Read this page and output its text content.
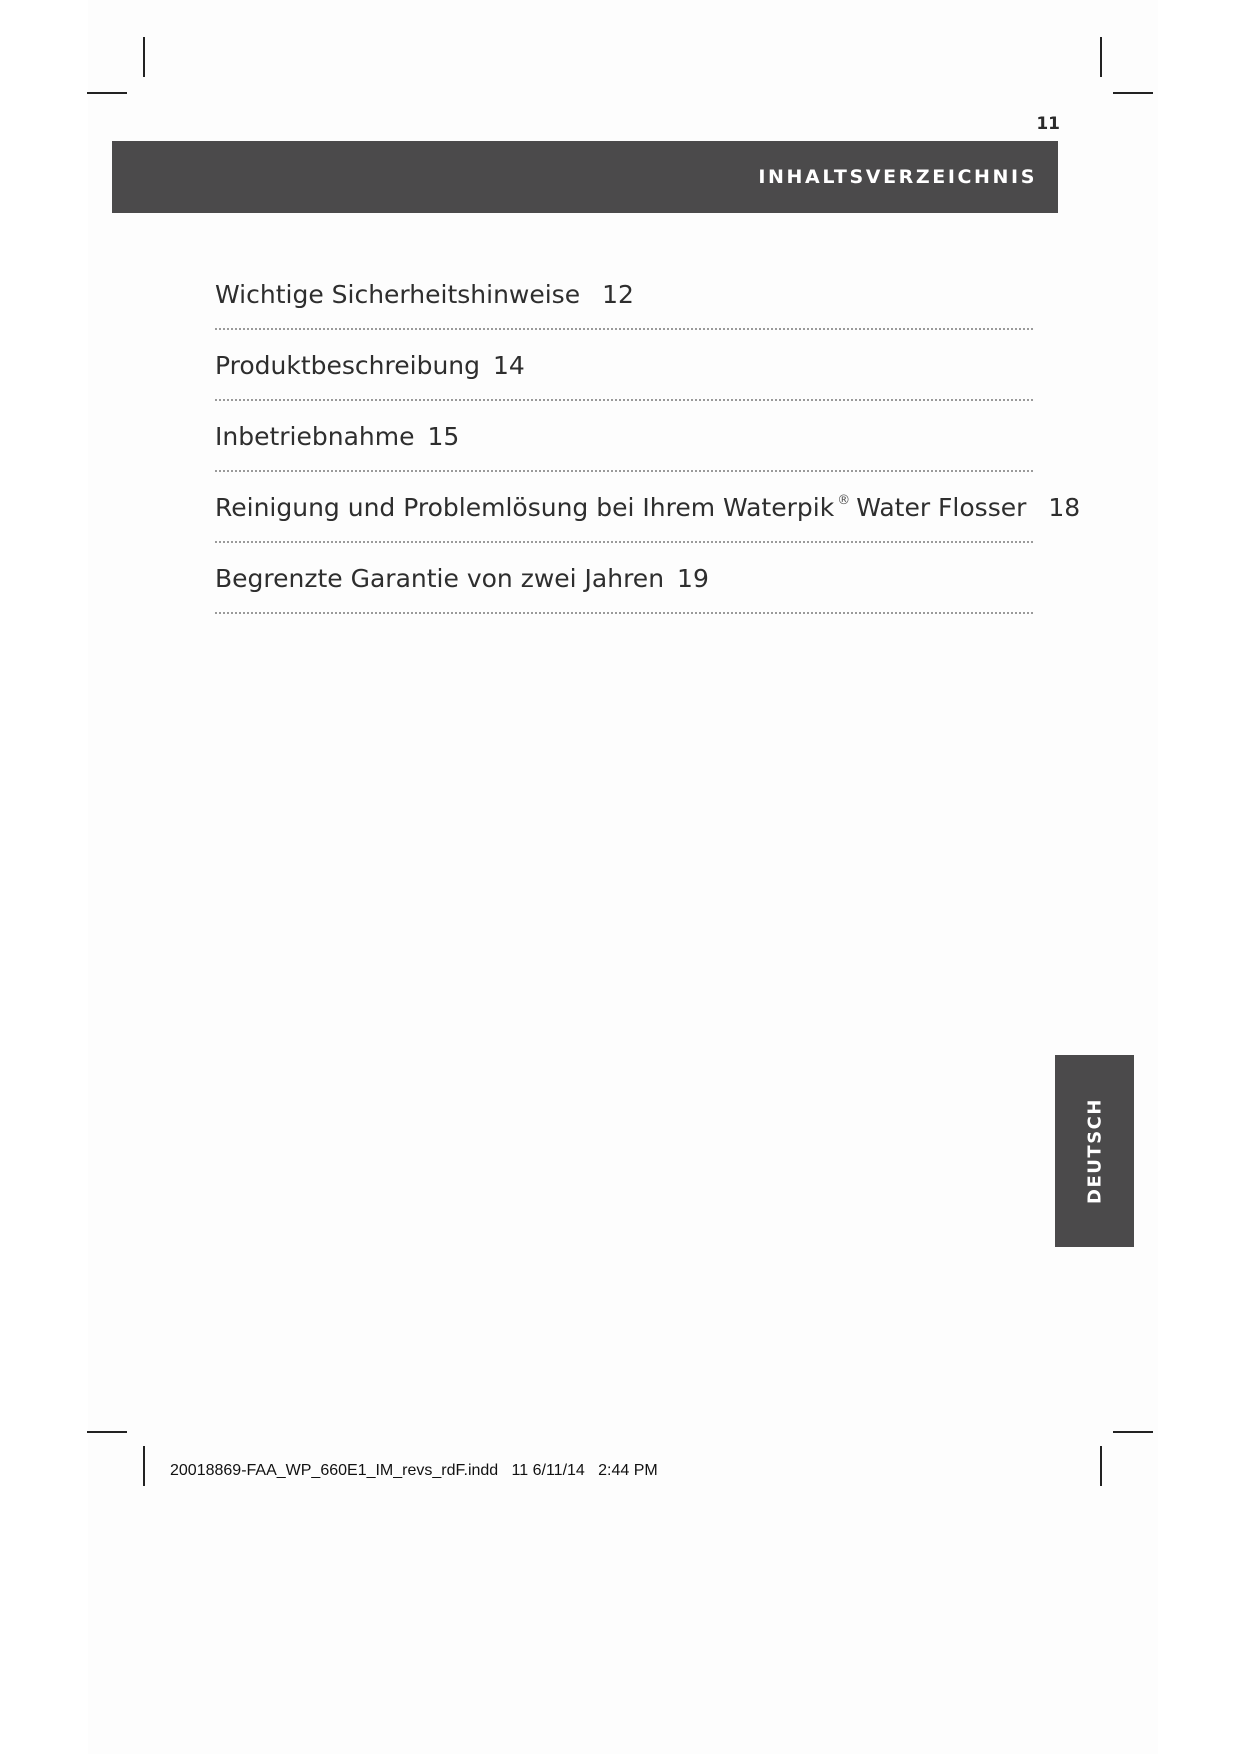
11
INHALTSVERZEICHNIS
Wichtige Sicherheitshinweise 12
Produktbeschreibung 14
Inbetriebnahme 15
Reinigung und Problemlösung bei Ihrem Waterpik ® Water Flosser 18
Begrenzte Garantie von zwei Jahren 19
DEUTSCH
20018869-FAA_WP_660E1_IM_revs_rdF.indd 11 6/11/14 2:44 PM
